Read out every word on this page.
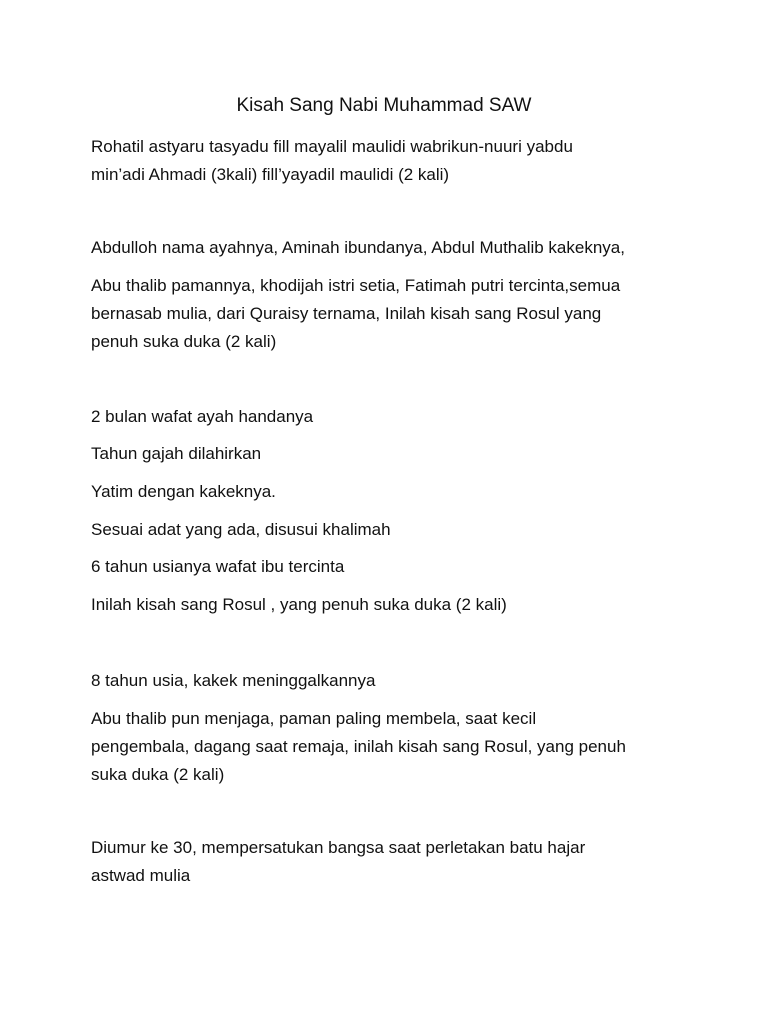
Kisah Sang Nabi Muhammad SAW
Rohatil astyaru tasyadu fill mayalil maulidi wabrikun-nuuri yabdu
min’adi Ahmadi (3kali) fill’yayadil maulidi (2 kali)
Abdulloh nama ayahnya, Aminah ibundanya, Abdul Muthalib kakeknya,
Abu thalib pamannya, khodijah istri setia, Fatimah putri tercinta,semua
bernasab mulia, dari Quraisy ternama, Inilah kisah sang Rosul yang
penuh suka duka (2 kali)
2 bulan wafat ayah handanya
Tahun gajah dilahirkan
Yatim dengan kakeknya.
Sesuai adat yang ada, disusui khalimah
6 tahun usianya wafat ibu tercinta
Inilah kisah sang Rosul , yang penuh suka duka (2 kali)
8 tahun usia, kakek meninggalkannya
Abu thalib pun menjaga, paman paling membela, saat kecil
pengembala, dagang saat remaja, inilah kisah sang Rosul, yang penuh
suka duka (2 kali)
Diumur ke 30, mempersatukan bangsa saat perletakan batu hajar
astwad mulia
